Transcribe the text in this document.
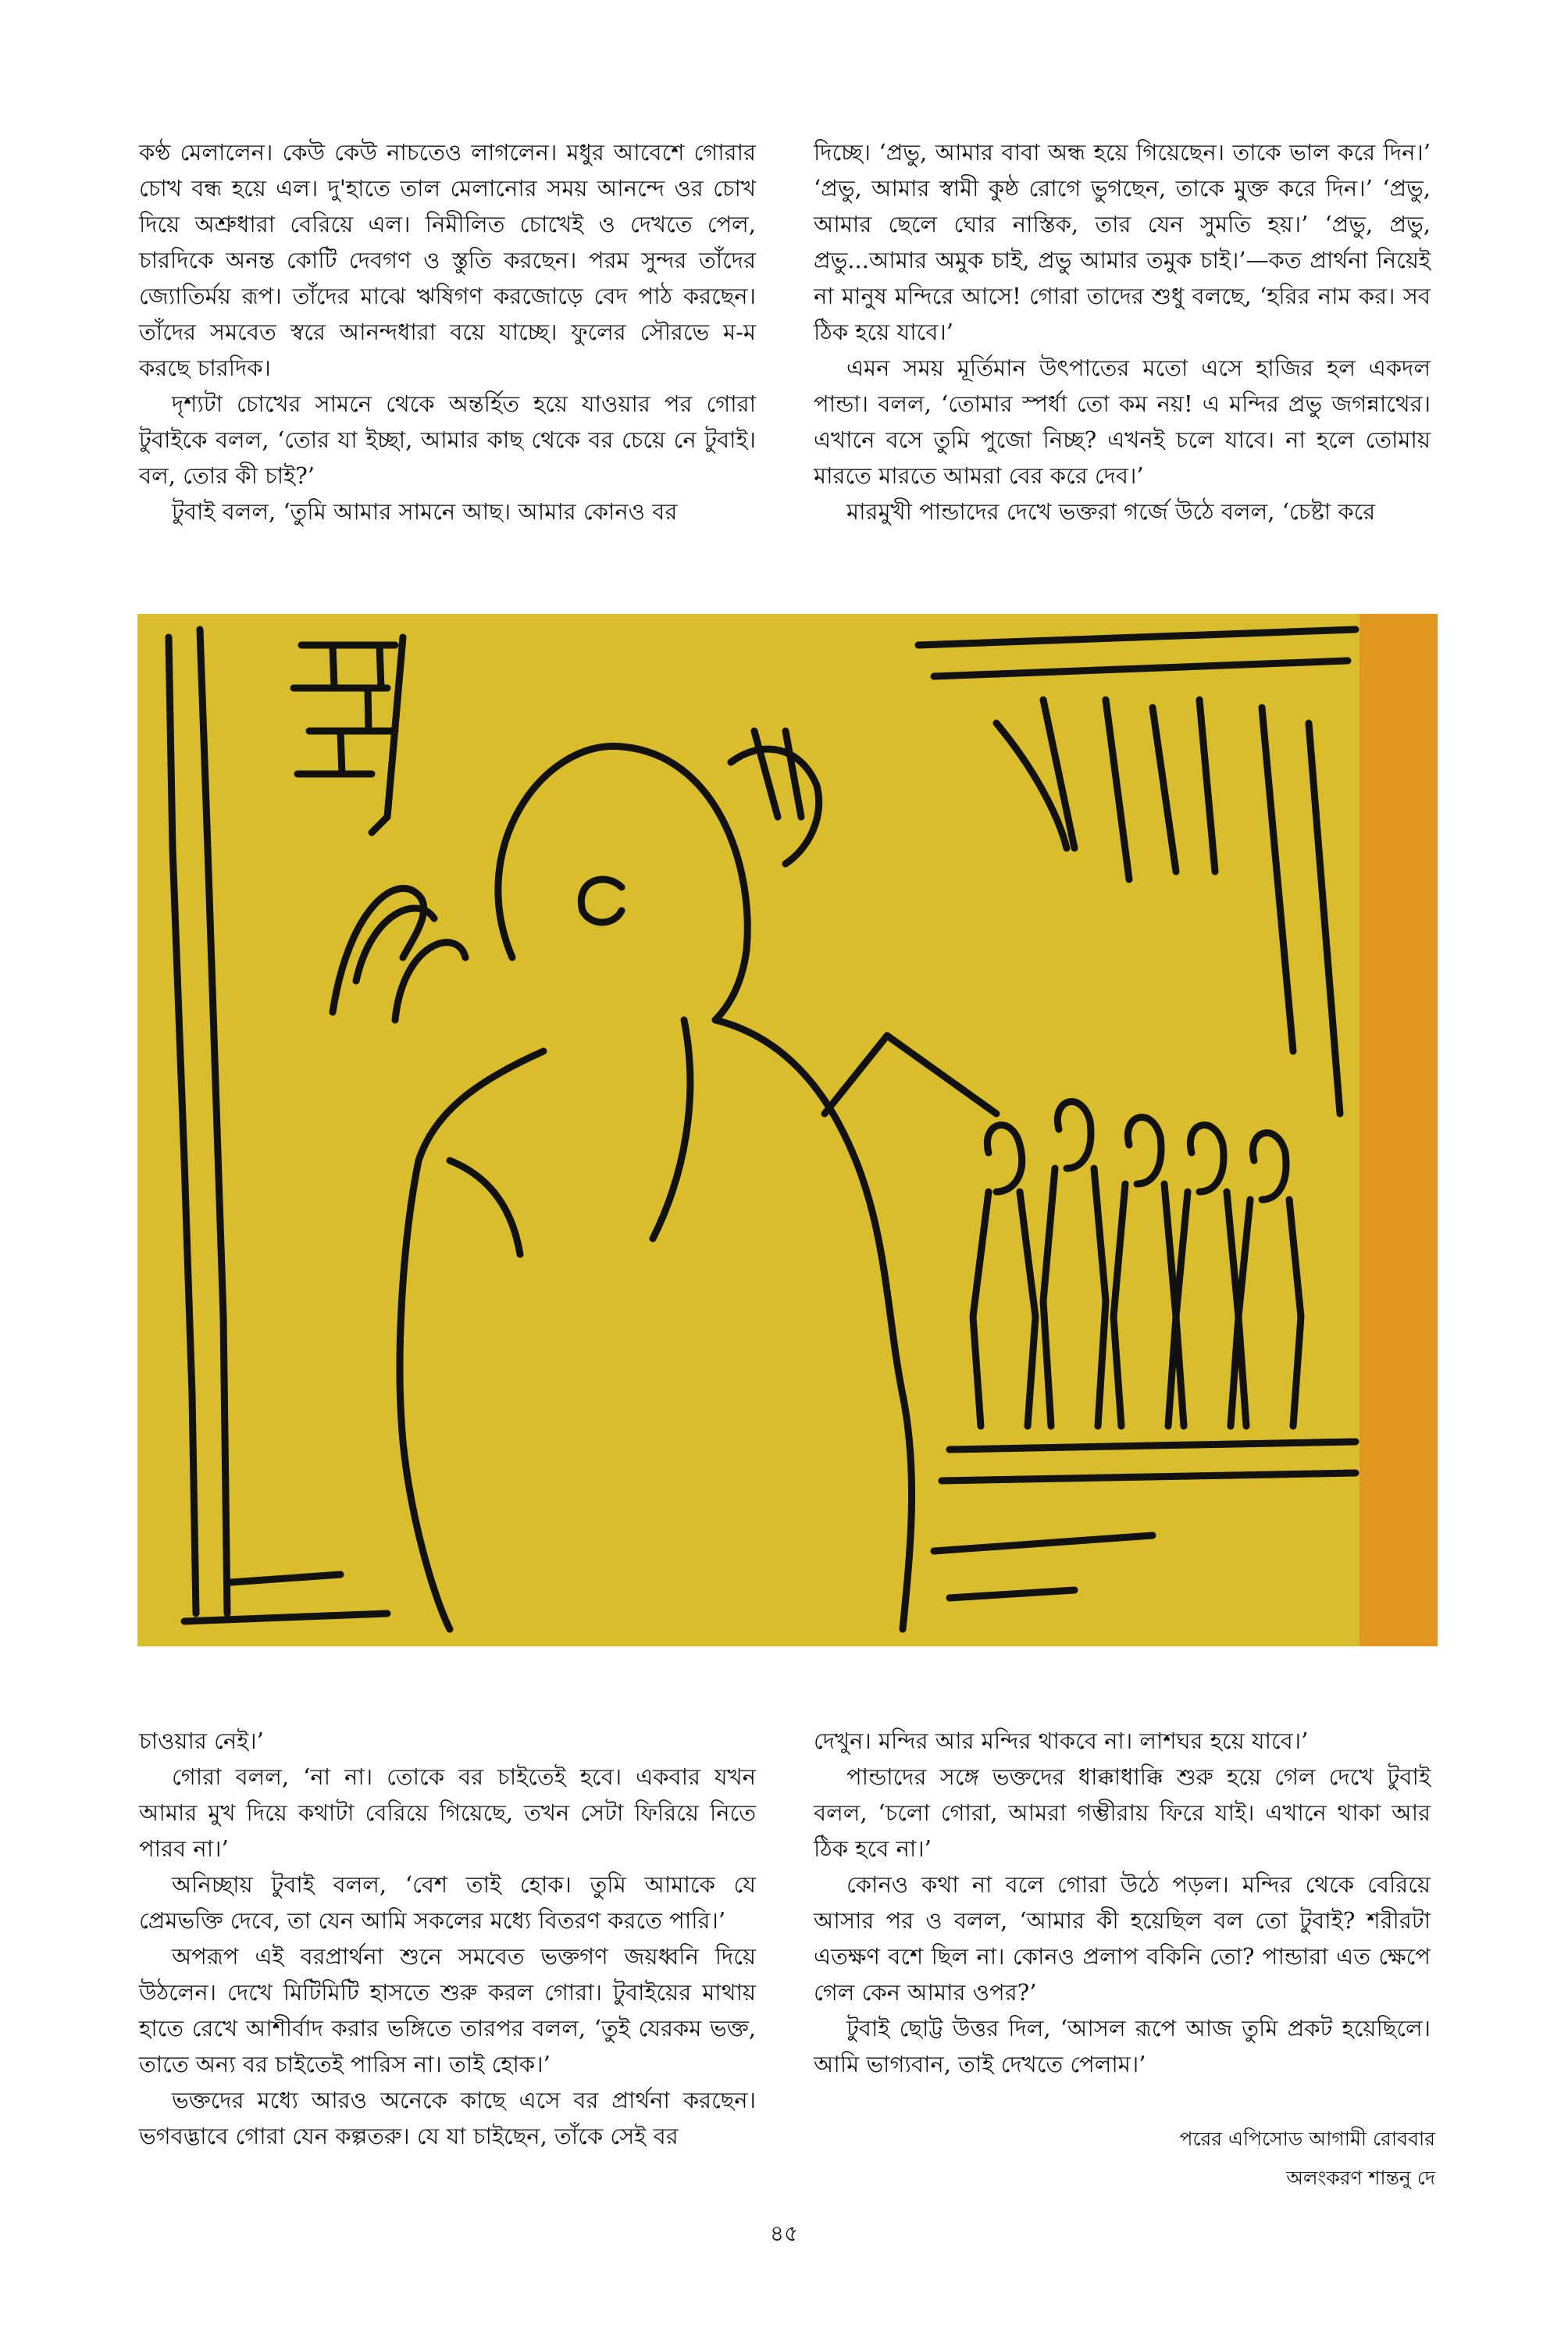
কণ্ঠ মেলালেন। কেউ কেউ নাচতেও লাগলেন। মধুর আবেশে গোরার চোখ বন্ধ হয়ে এল। দু'হাতে তাল মেলানোর সময় আনন্দে ওর চোখ দিয়ে অশ্রুধারা বেরিয়ে এল। নিমীলিত চোখেই ও দেখতে পেল, চারদিকে অনন্ত কোটি দেবগণ ও স্তুতি করছেন। পরম সুন্দর তাঁদের জ্যোতির্ময় রূপ। তাঁদের মাঝে ঋষিগণ করজোড়ে বেদ পাঠ করছেন। তাঁদের সমবেত স্বরে আনন্দধারা বয়ে যাচ্ছে। ফুলের সৌরভে ম-ম করছে চারদিক।

দৃশ্যটা চোখের সামনে থেকে অন্তর্হিত হয়ে যাওয়ার পর গোরা টুবাইকে বলল, ‘তোর যা ইচ্ছা, আমার কাছ থেকে বর চেয়ে নে টুবাই। বল, তোর কী চাই?’

টুবাই বলল, ‘তুমি আমার সামনে আছ। আমার কোনও বর

দিচ্ছে। ‘প্রভু, আমার বাবা অন্ধ হয়ে গিয়েছেন। তাকে ভাল করে দিন।’ ‘প্রভু, আমার স্বামী কুষ্ঠ রোগে ভুগছেন, তাকে মুক্ত করে দিন।’ ‘প্রভু, আমার ছেলে ঘোর নাস্তিক, তার যেন সুমতি হয়।’ ‘প্রভু, প্রভু, প্রভু...আমার অমুক চাই, প্রভু আমার তমুক চাই।’—কত প্রার্থনা নিয়েই না মানুষ মন্দিরে আসে! গোরা তাদের শুধু বলছে, ‘হরির নাম কর। সব ঠিক হয়ে যাবে।’

এমন সময় মূর্তিমান উৎপাতের মতো এসে হাজির হল একদল পান্ডা। বলল, ‘তোমার স্পর্ধা তো কম নয়! এ মন্দির প্রভু জগন্নাথের। এখানে বসে তুমি পুজো নিচ্ছ? এখনই চলে যাবে। না হলে তোমায় মারতে মারতে আমরা বের করে দেব।’

মারমুখী পান্ডাদের দেখে ভক্তরা গর্জে উঠে বলল, ‘চেষ্টা করে

চাওয়ার নেই।’

গোরা বলল, ‘না না। তোকে বর চাইতেই হবে। একবার যখন আমার মুখ দিয়ে কথাটা বেরিয়ে গিয়েছে, তখন সেটা ফিরিয়ে নিতে পারব না।’

অনিচ্ছায় টুবাই বলল, ‘বেশ তাই হোক। তুমি আমাকে যে প্রেমভক্তি দেবে, তা যেন আমি সকলের মধ্যে বিতরণ করতে পারি।’

অপরূপ এই বরপ্রার্থনা শুনে সমবেত ভক্তগণ জয়ধ্বনি দিয়ে উঠলেন। দেখে মিটিমিটি হাসতে শুরু করল গোরা। টুবাইয়ের মাথায় হাতে রেখে আশীর্বাদ করার ভঙ্গিতে তারপর বলল, ‘তুই যেরকম ভক্ত, তাতে অন্য বর চাইতেই পারিস না। তাই হোক।’

ভক্তদের মধ্যে আরও অনেকে কাছে এসে বর প্রার্থনা করছেন। ভগবদ্ভাবে গোরা যেন কল্পতরু। যে যা চাইছেন, তাঁকে সেই বর

দেখুন। মন্দির আর মন্দির থাকবে না। লাশঘর হয়ে যাবে।’

পান্ডাদের সঙ্গে ভক্তদের ধাক্কাধাক্কি শুরু হয়ে গেল দেখে টুবাই বলল, ‘চলো গোরা, আমরা গম্ভীরায় ফিরে যাই। এখানে থাকা আর ঠিক হবে না।’

কোনও কথা না বলে গোরা উঠে পড়ল। মন্দির থেকে বেরিয়ে আসার পর ও বলল, ‘আমার কী হয়েছিল বল তো টুবাই? শরীরটা এতক্ষণ বশে ছিল না। কোনও প্রলাপ বকিনি তো? পান্ডারা এত ক্ষেপে গেল কেন আমার ওপর?’

টুবাই ছোট্ট উত্তর দিল, ‘আসল রূপে আজ তুমি প্রকট হয়েছিলে। আমি ভাগ্যবান, তাই দেখতে পেলাম।’

পরের এপিসোড আগামী রোববার
অলংকরণ শান্তনু দে
৪৫
